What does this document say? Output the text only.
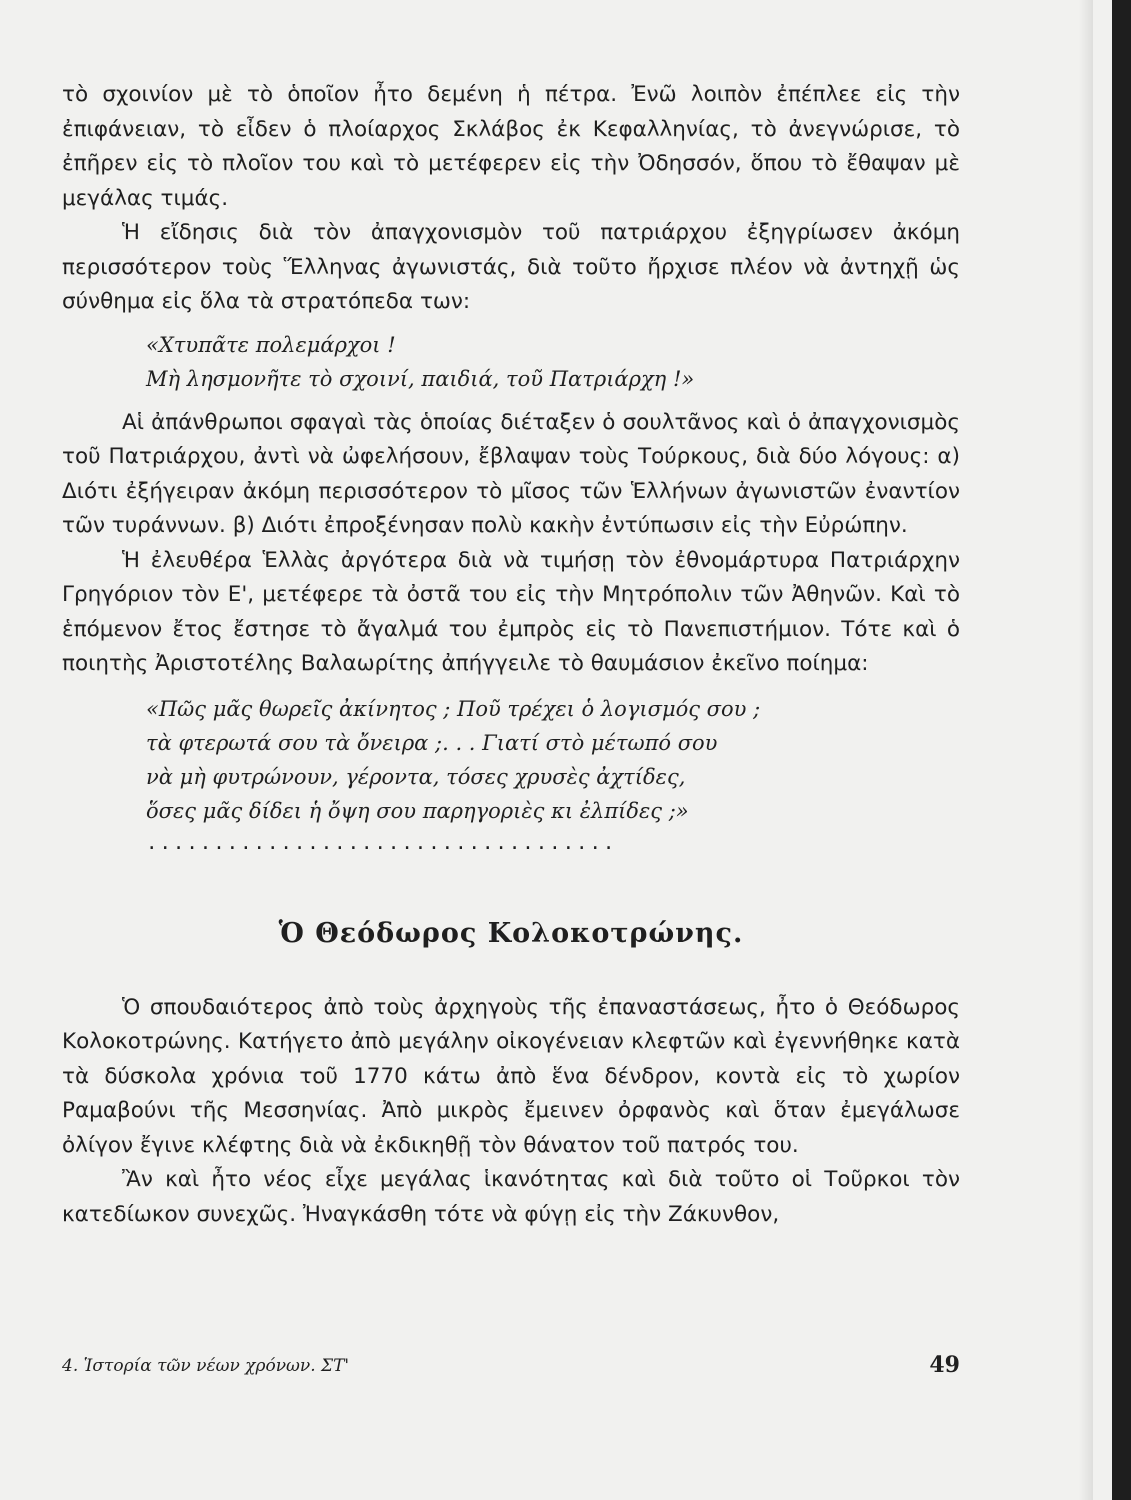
τὸ σχοινίον μὲ τὸ ὁποῖον ἦτο δεμένη ἡ πέτρα. Ἐνῶ λοιπὸν ἐπέπλεε εἰς τὴν ἐπιφάνειαν, τὸ εἶδεν ὁ πλοίαρχος Σκλάβος ἐκ Κεφαλληνίας, τὸ ἀνεγνώρισε, τὸ ἐπῆρεν εἰς τὸ πλοῖον του καὶ τὸ μετέφερεν εἰς τὴν Ὀδησσόν, ὅπου τὸ ἔθαψαν μὲ μεγάλας τιμάς.

Ἡ εἴδησις διὰ τὸν ἀπαγχονισμὸν τοῦ πατριάρχου ἐξηγρίωσεν ἀκόμη περισσότερον τοὺς Ἕλληνας ἀγωνιστάς, διὰ τοῦτο ἤρχισε πλέον νὰ ἀντηχῇ ὡς σύνθημα εἰς ὅλα τὰ στρατόπεδα των:

«Χτυπᾶτε πολεμάρχοι !
Μὴ λησμονῆτε τὸ σχοινί, παιδιά, τοῦ Πατριάρχη !»

Αἱ ἀπάνθρωποι σφαγαὶ τὰς ὁποίας διέταξεν ὁ σουλτᾶνος καὶ ὁ ἀπαγχονισμὸς τοῦ Πατριάρχου, ἀντὶ νὰ ὠφελήσουν, ἔβλαψαν τοὺς Τούρκους, διὰ δύο λόγους: α) Διότι ἐξήγειραν ἀκόμη περισσότερον τὸ μῖσος τῶν Ἑλλήνων ἀγωνιστῶν ἐναντίον τῶν τυράννων. β) Διότι ἐπροξένησαν πολὺ κακὴν ἐντύπωσιν εἰς τὴν Εὐρώπην.

Ἡ ἐλευθέρα Ἑλλὰς ἀργότερα διὰ νὰ τιμήσῃ τὸν ἐθνομάρτυρα Πατριάρχην Γρηγόριον τὸν Ε', μετέφερε τὰ ὀστᾶ του εἰς τὴν Μητρόπολιν τῶν Ἀθηνῶν. Καὶ τὸ ἑπόμενον ἔτος ἔστησε τὸ ἄγαλμά του ἐμπρὸς εἰς τὸ Πανεπιστήμιον. Τότε καὶ ὁ ποιητὴς Ἀριστοτέλης Βαλαωρίτης ἀπήγγειλε τὸ θαυμάσιον ἐκεῖνο ποίημα:

«Πῶς μᾶς θωρεῖς ἀκίνητος ; Ποῦ τρέχει ὁ λογισμός σου ;
τὰ φτερωτά σου τὰ ὄνειρα ;. . . Γιατί στὸ μέτωπό σου
νὰ μὴ φυτρώνουν, γέροντα, τόσες χρυσὲς ἀχτίδες,
ὅσες μᾶς δίδει ἡ ὄψη σου παρηγοριὲς κι ἐλπίδες ;»

...................................

Ὁ Θεόδωρος Κολοκοτρώνης.

Ὁ σπουδαιότερος ἀπὸ τοὺς ἀρχηγοὺς τῆς ἐπαναστάσεως, ἦτο ὁ Θεόδωρος Κολοκοτρώνης. Κατήγετο ἀπὸ μεγάλην οἰκογένειαν κλεφτῶν καὶ ἐγεννήθηκε κατὰ τὰ δύσκολα χρόνια τοῦ 1770 κάτω ἀπὸ ἕνα δένδρον, κοντὰ εἰς τὸ χωρίον Ραμαβούνι τῆς Μεσσηνίας. Ἀπὸ μικρὸς ἔμεινεν ὀρφανὸς καὶ ὅταν ἐμεγάλωσε ὀλίγον ἔγινε κλέφτης διὰ νὰ ἐκδικηθῇ τὸν θάνατον τοῦ πατρός του.

Ἂν καὶ ἦτο νέος εἶχε μεγάλας ἱκανότητας καὶ διὰ τοῦτο οἱ Τοῦρκοι τὸν κατεδίωκον συνεχῶς. Ἠναγκάσθη τότε νὰ φύγῃ εἰς τὴν Ζάκυνθον,

4. Ἱστορία τῶν νέων χρόνων. ΣΤ'	49
